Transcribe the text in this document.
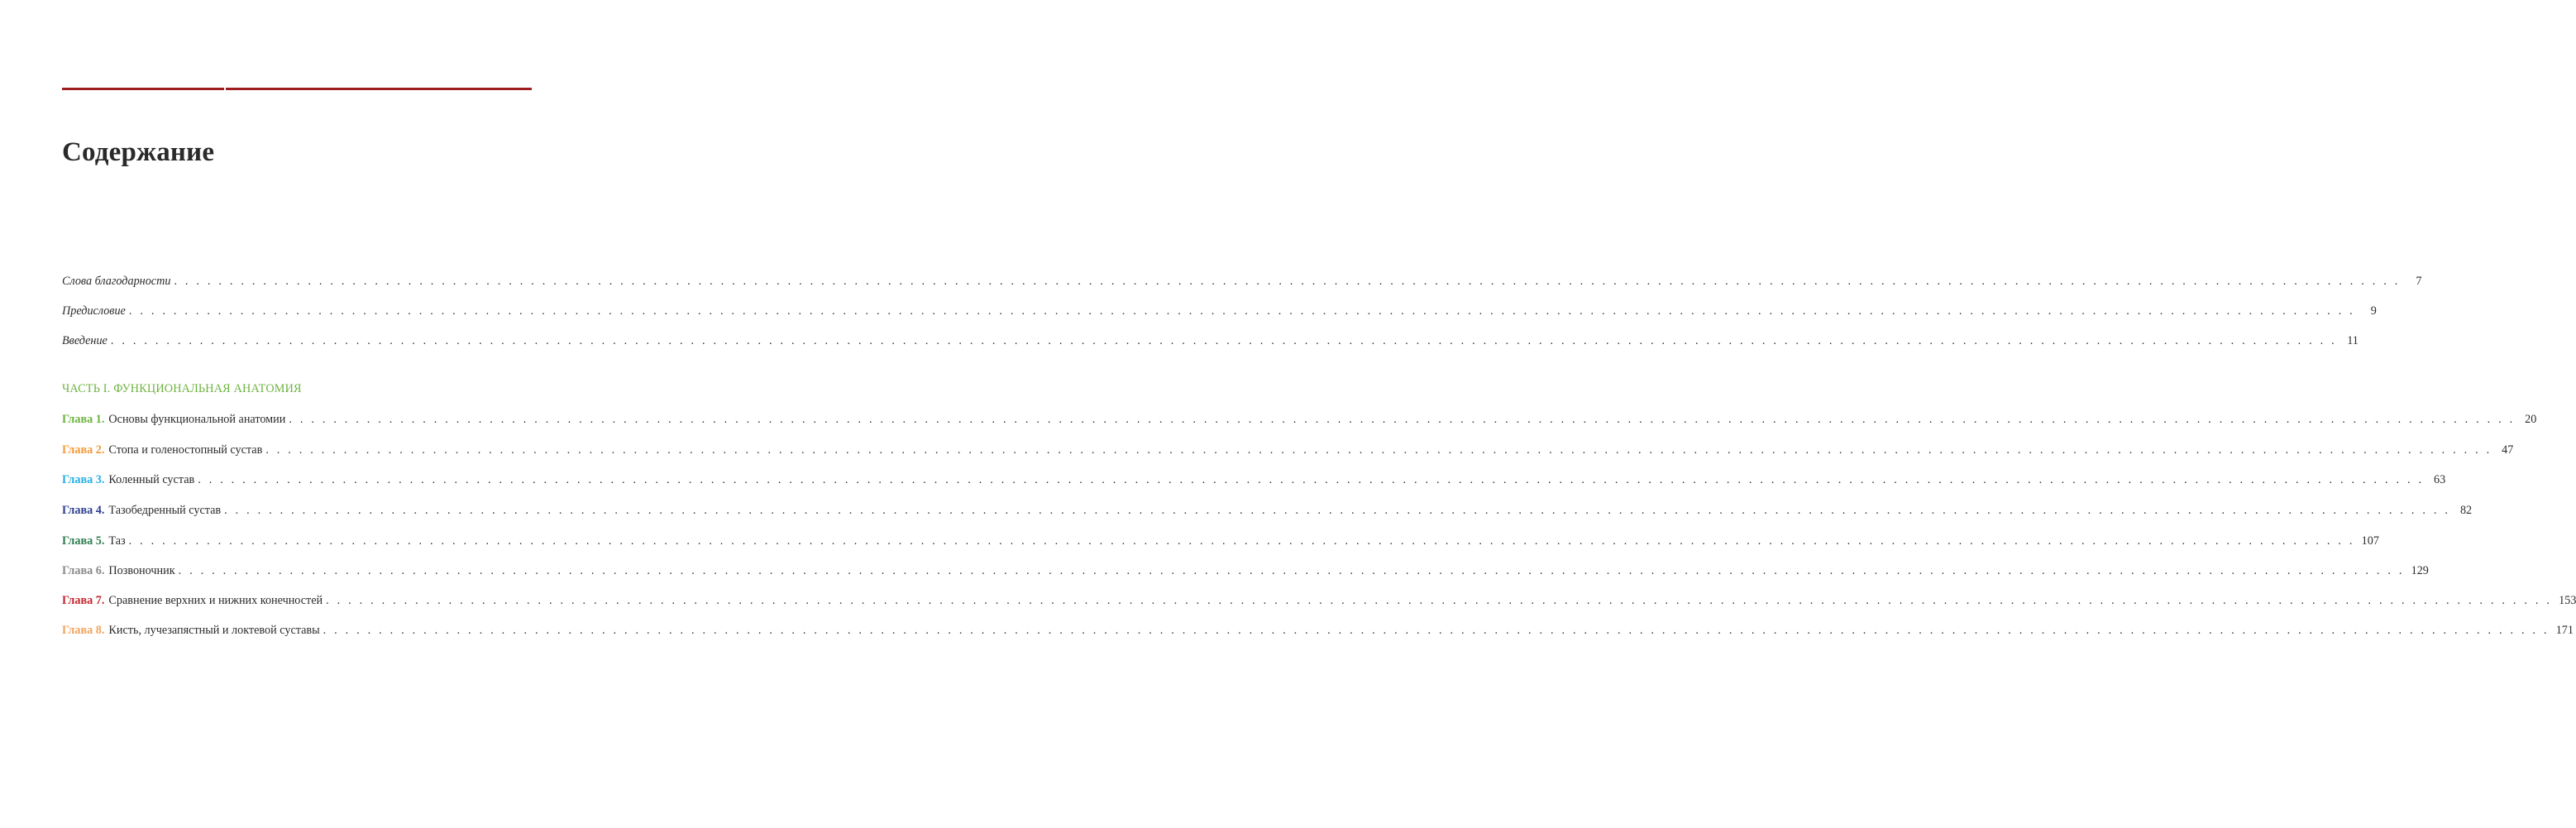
Содержание
Слова благодарности . . . . . . . . . . . . . . . . . . . . . . . . . . . . . . . . . . . . . . . . . . . . . . . . . . . . . . . . . . . . . . . . . . . . . . . . . . . . . . . . . . . . . . . . . . . . . . . . . . . . . . . . . . . . . . . . . . . . . . . . . . . . . . . . . . . . . . . . . . . . . . . . . . . . . . . . . . . . . . . . . . . . . . . . . . . . . . . . . . . . . . . . . . . . . . . . . . . . . . . .	7
Предисловие . . . . . . . . . . . . . . . . . . . . . . . . . . . . . . . . . . . . . . . . . . . . . . . . . . . . . . . . . . . . . . . . . . . . . . . . . . . . . . . . . . . . . . . . . . . . . . . . . . . . . . . . . . . . . . . . . . . . . . . . . . . . . . . . . . . . . . . . . . . . . . . . . . . . . . . . . . . . . . . . . . . . . . . . . . . . . . . . . . . . . . . . . . . . . . . . . . . . . . . .	9
Введение . . . . . . . . . . . . . . . . . . . . . . . . . . . . . . . . . . . . . . . . . . . . . . . . . . . . . . . . . . . . . . . . . . . . . . . . . . . . . . . . . . . . . . . . . . . . . . . . . . . . . . . . . . . . . . . . . . . . . . . . . . . . . . . . . . . . . . . . . . . . . . . . . . . . . . . . . . . . . . . . . . . . . . . . . . . . . . . . . . . . . . . . . . . . . . . . . . . . . . . . 11
ЧАСТЬ I. ФУНКЦИОНАЛЬНАЯ АНАТОМИЯ
Глава 1. Основы функциональной анатомии . . . . . . . . . . . . . . . . . . . . . . . . . . . . . . . . . . . . . . . . . . . . . . . . . . . . . . . . . . . . . . . . . . . . . . . . . . . . . . . . . . . . . . . . . . . . . . . . . . . . . . . . . . . . . . . . . . . . . . . . . . . . . . . . . . . . . . . . . . . . . . . . . . . . . . . . . . . . . . . . . . . . . . . . . . . . . . . . . . . . . . . . . . . . . . . . . . . . . . . . 20
Глава 2. Стопа и голеностопный сустав . . . . . . . . . . . . . . . . . . . . . . . . . . . . . . . . . . . . . . . . . . . . . . . . . . . . . . . . . . . . . . . . . . . . . . . . . . . . . . . . . . . . . . . . . . . . . . . . . . . . . . . . . . . . . . . . . . . . . . . . . . . . . . . . . . . . . . . . . . . . . . . . . . . . . . . . . . . . . . . . . . . . . . . . . . . . . . . . . . . . . . . . . . . . . . . . . . . . . . . . 47
Глава 3. Коленный сустав . . . . . . . . . . . . . . . . . . . . . . . . . . . . . . . . . . . . . . . . . . . . . . . . . . . . . . . . . . . . . . . . . . . . . . . . . . . . . . . . . . . . . . . . . . . . . . . . . . . . . . . . . . . . . . . . . . . . . . . . . . . . . . . . . . . . . . . . . . . . . . . . . . . . . . . . . . . . . . . . . . . . . . . . . . . . . . . . . . . . . . . . . . . . . . . . . . . . . . . . 63
Глава 4. Тазобедренный сустав . . . . . . . . . . . . . . . . . . . . . . . . . . . . . . . . . . . . . . . . . . . . . . . . . . . . . . . . . . . . . . . . . . . . . . . . . . . . . . . . . . . . . . . . . . . . . . . . . . . . . . . . . . . . . . . . . . . . . . . . . . . . . . . . . . . . . . . . . . . . . . . . . . . . . . . . . . . . . . . . . . . . . . . . . . . . . . . . . . . . . . . . . . . . . . . . . . . . . . . . 82
Глава 5. Таз . . . . . . . . . . . . . . . . . . . . . . . . . . . . . . . . . . . . . . . . . . . . . . . . . . . . . . . . . . . . . . . . . . . . . . . . . . . . . . . . . . . . . . . . . . . . . . . . . . . . . . . . . . . . . . . . . . . . . . . . . . . . . . . . . . . . . . . . . . . . . . . . . . . . . . . . . . . . . . . . . . . . . . . . . . . . . . . . . . . . . . . . . . . . . . . . . . . . . . . . 107
Глава 6. Позвоночник . . . . . . . . . . . . . . . . . . . . . . . . . . . . . . . . . . . . . . . . . . . . . . . . . . . . . . . . . . . . . . . . . . . . . . . . . . . . . . . . . . . . . . . . . . . . . . . . . . . . . . . . . . . . . . . . . . . . . . . . . . . . . . . . . . . . . . . . . . . . . . . . . . . . . . . . . . . . . . . . . . . . . . . . . . . . . . . . . . . . . . . . . . . . . . . . . . . . . . . . 129
Глава 7. Сравнение верхних и нижних конечностей . . . . . . . . . . . . . . . . . . . . . . . . . . . . . . . . . . . . . . . . . . . . . . . . . . . . . . . . . . . . . . . . . . . . . . . . . . . . . . . . . . . . . . . . . . . . . . . . . . . . . . . . . . . . . . . . . . . . . . . . . . . . . . . . . . . . . . . . . . . . . . . . . . . . . . . . . . . . . . . . . . . . . . . . . . . . . . . . . . . . . . . . . . . . . . . . . . . . . . . . 153
Глава 8. Кисть, лучезапястный и локтевой суставы . . . . . . . . . . . . . . . . . . . . . . . . . . . . . . . . . . . . . . . . . . . . . . . . . . . . . . . . . . . . . . . . . . . . . . . . . . . . . . . . . . . . . . . . . . . . . . . . . . . . . . . . . . . . . . . . . . . . . . . . . . . . . . . . . . . . . . . . . . . . . . . . . . . . . . . . . . . . . . . . . . . . . . . . . . . . . . . . . . . . . . . . . . . . . . . . . . . . . . . . 171
